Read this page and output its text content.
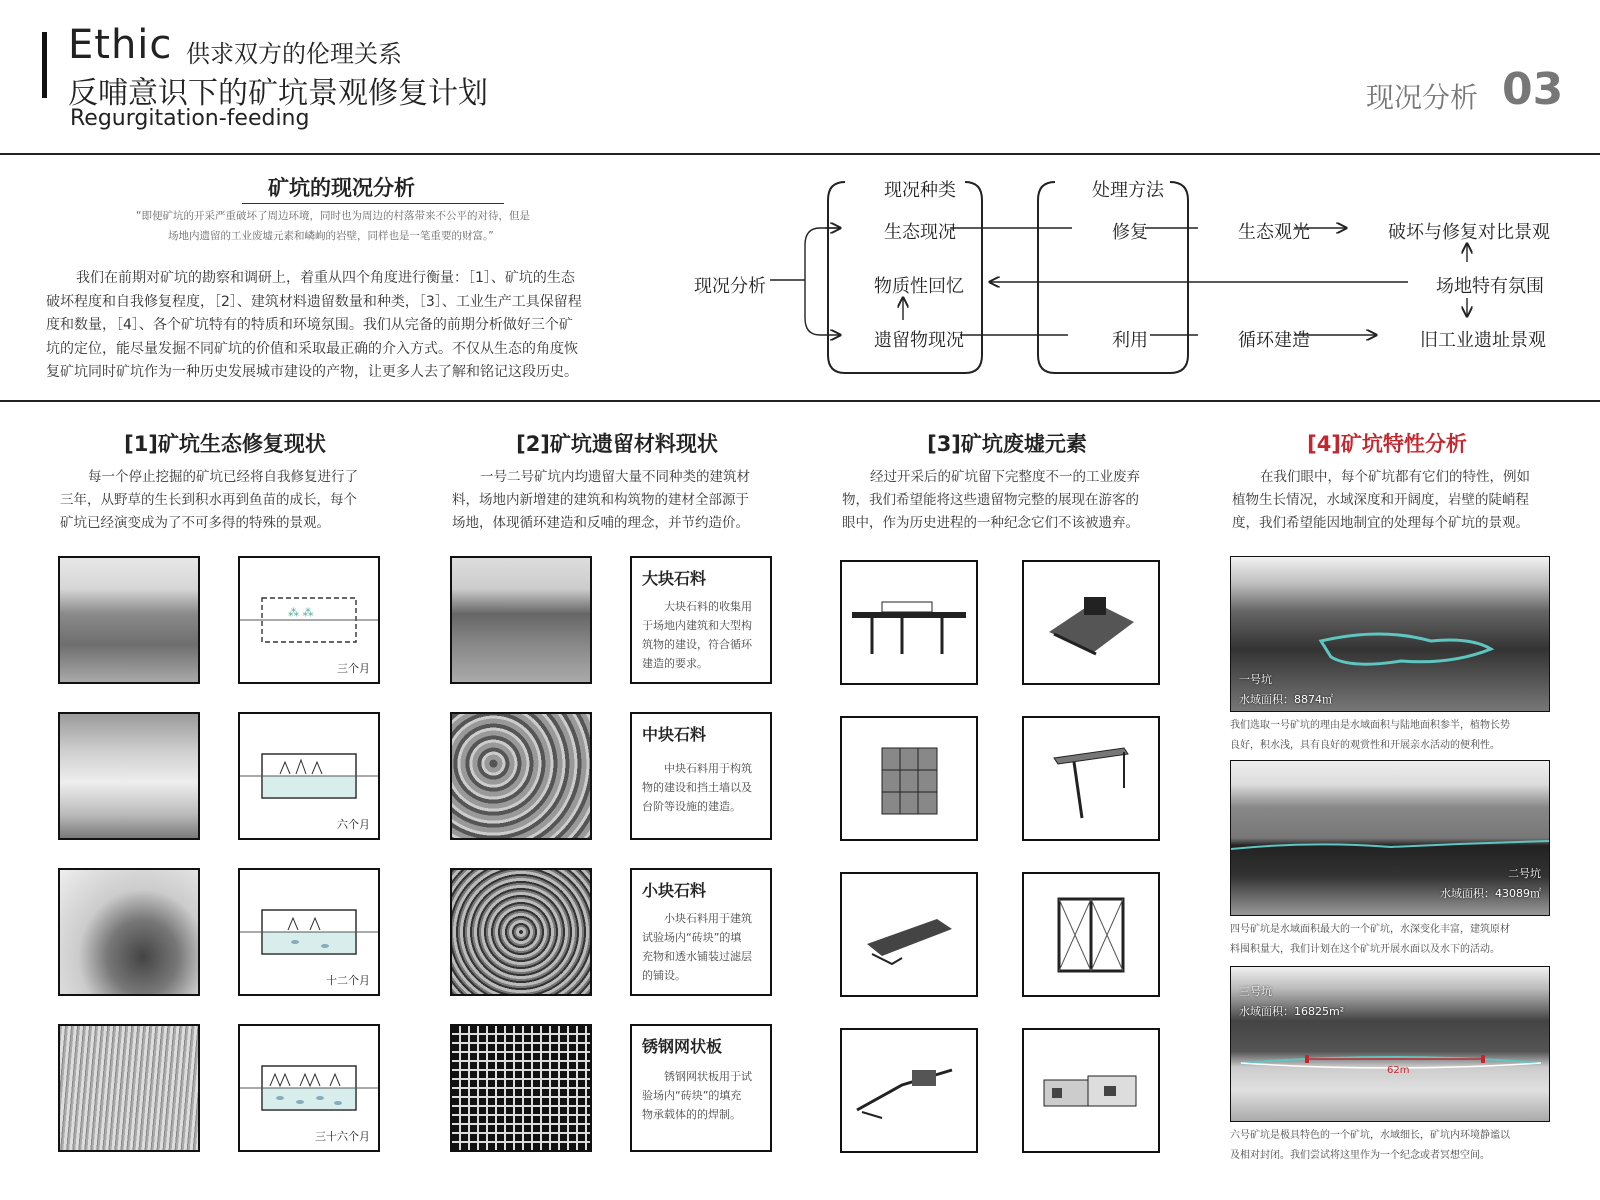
Ethic 供求双方的伦理关系
反哺意识下的矿坑景观修复计划
Regurgitation-feeding
现况分析 03
矿坑的现况分析
“即便矿坑的开采严重破坏了周边环境，同时也为周边的村落带来不公平的对待，但是
场地内遗留的工业废墟元素和嶙峋的岩壁，同样也是一笔重要的财富。”
我们在前期对矿坑的勘察和调研上，着重从四个角度进行衡量：［1］、矿坑的生态
破坏程度和自我修复程度，［2］、建筑材料遗留数量和种类，［3］、工业生产工具保留程
度和数量，［4］、各个矿坑特有的特质和环境氛围。我们从完备的前期分析做好三个矿
坑的定位，能尽量发掘不同矿坑的价值和采取最正确的介入方式。不仅从生态的角度恢
复矿坑同时矿坑作为一种历史发展城市建设的产物，让更多人去了解和铭记这段历史。
现况分析
现况种类	处理方法
生态现况
物质性回忆
遗留物现况
修复
利用
生态观光
循环建造
破坏与修复对比景观
场地特有氛围
旧工业遗址景观
[1]矿坑生态修复现状
每一个停止挖掘的矿坑已经将自我修复进行了
三年，从野草的生长到积水再到鱼苗的成长，每个
矿坑已经演变成为了不可多得的特殊的景观。
⁂ ⁂
三个月
六个月
十二个月
三十六个月
[2]矿坑遗留材料现状
一号二号矿坑内均遗留大量不同种类的建筑材
料，场地内新增建的建筑和构筑物的建材全部源于
场地，体现循环建造和反哺的理念，并节约造价。
大块石料
大块石料的收集用
于场地内建筑和大型构
筑物的建设，符合循环
建造的要求。
中块石料
中块石料用于构筑
物的建设和挡土墙以及
台阶等设施的建造。
小块石料
小块石料用于建筑
试验场内“砖块”的填
充物和透水铺装过滤层
的铺设。
锈钢网状板
锈钢网状板用于试
验场内“砖块”的填充
物承载体的的焊制。
[3]矿坑废墟元素
经过开采后的矿坑留下完整度不一的工业废弃
物，我们希望能将这些遗留物完整的展现在游客的
眼中，作为历史进程的一种纪念它们不该被遗弃。
[4]矿坑特性分析
在我们眼中，每个矿坑都有它们的特性，例如
植物生长情况，水域深度和开阔度，岩壁的陡峭程
度，我们希望能因地制宜的处理每个矿坑的景观。
一号坑
水域面积：8874㎡
我们选取一号矿坑的理由是水域面积与陆地面积参半，植物长势
良好，积水浅，具有良好的观赏性和开展亲水活动的便利性。
二号坑
水域面积：43089㎡
四号矿坑是水域面积最大的一个矿坑，水深变化丰富，建筑原材
料囤积量大，我们计划在这个矿坑开展水面以及水下的活动。
三号坑
水域面积：16825m²
62m
六号矿坑是极具特色的一个矿坑，水域细长，矿坑内环境静谧以
及相对封闭。我们尝试将这里作为一个纪念或者冥想空间。
